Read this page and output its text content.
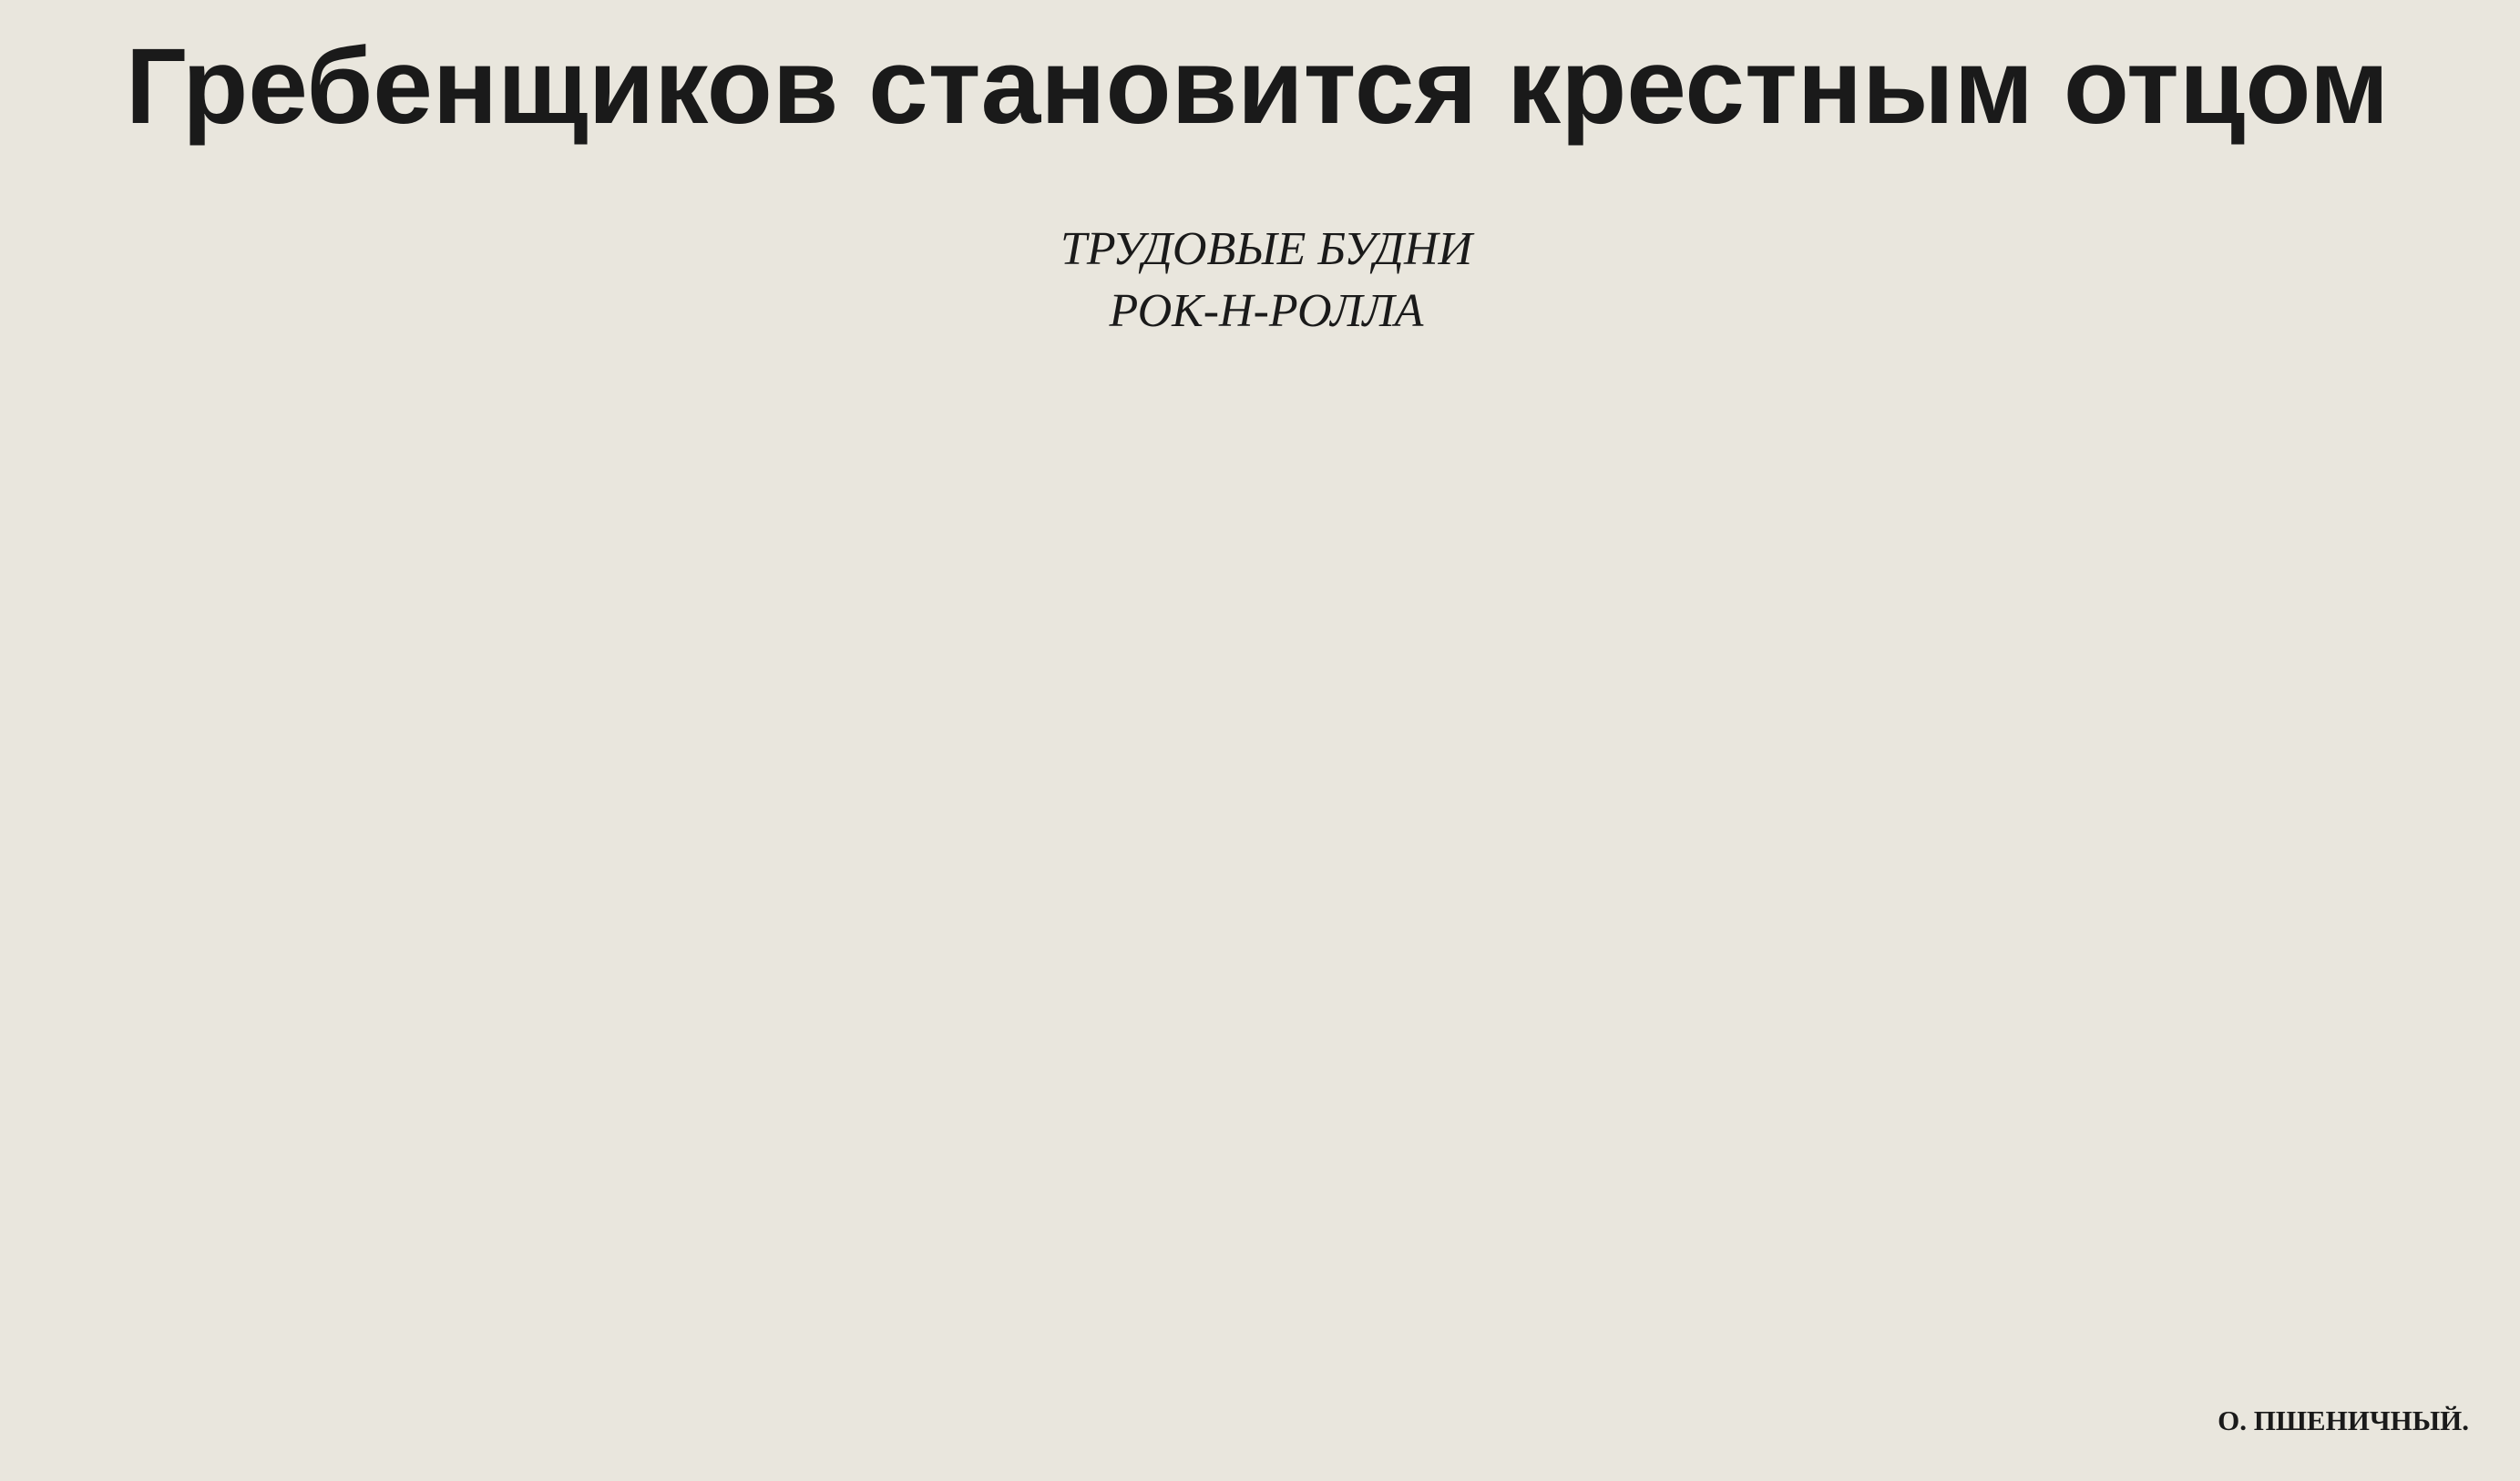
Гребенщиков становится крестным отцом
ТРУДОВЫЕ БУДНИ РОК-Н-РОЛЛА
О. ПШЕНИЧНЫЙ.
